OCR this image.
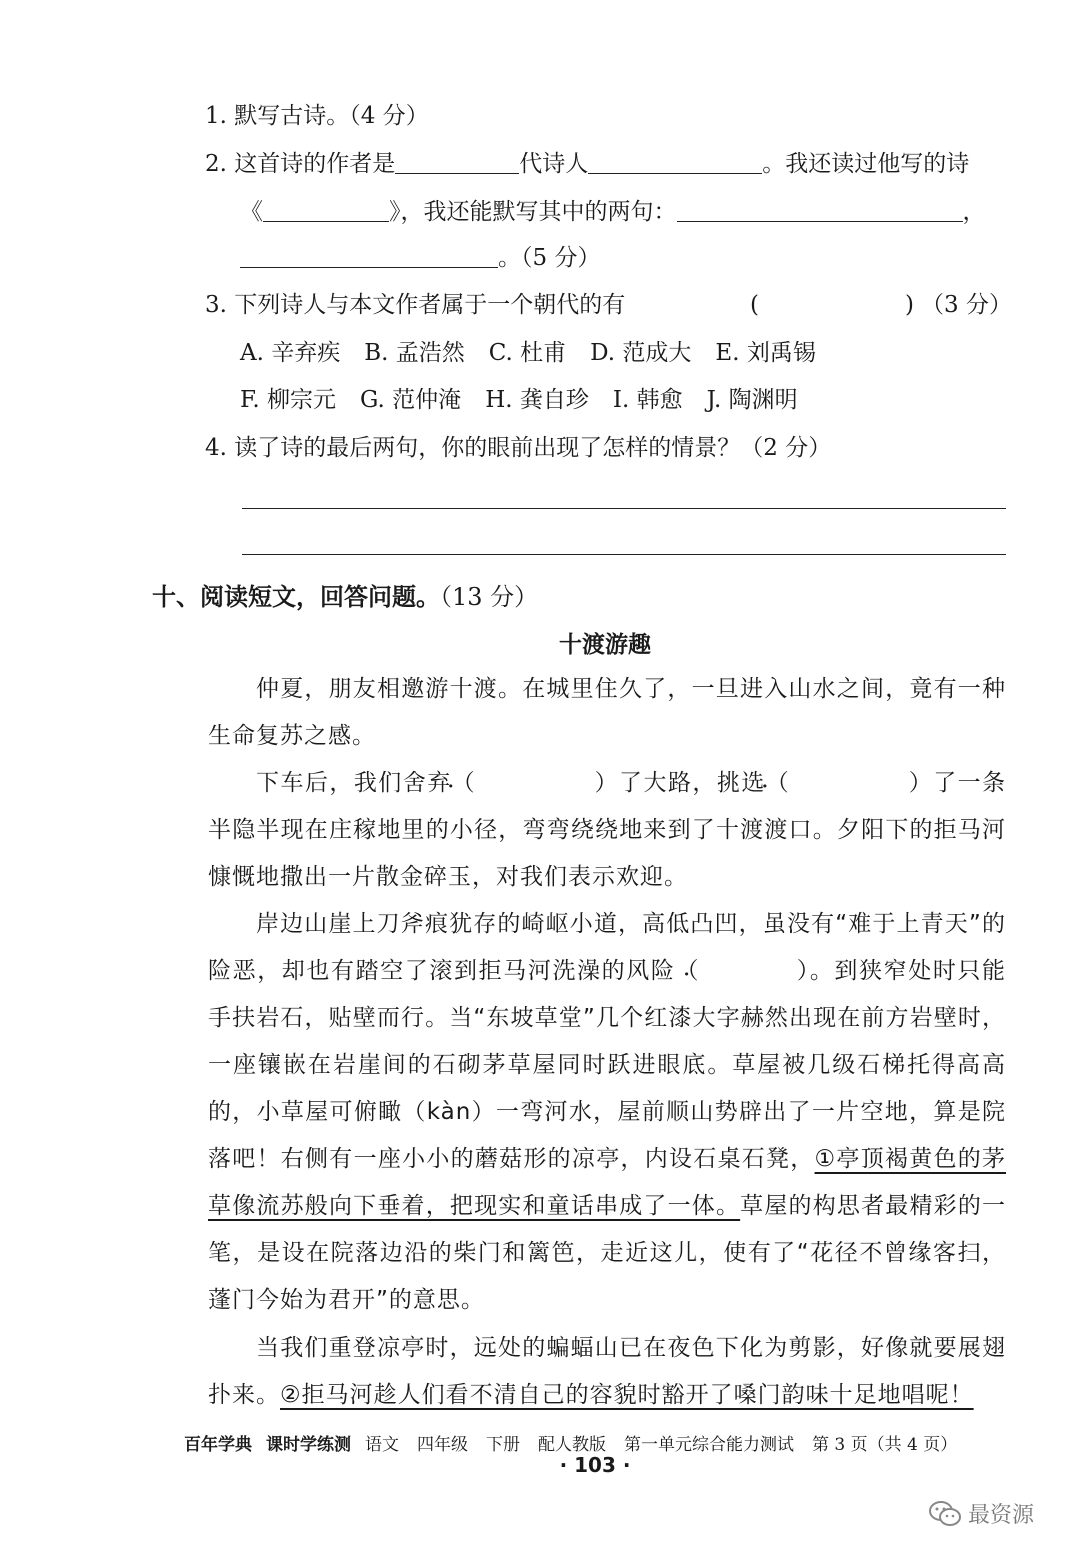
1. 默写古诗。（4 分）
2. 这首诗的作者是	代诗人	。我还读过他写的诗
《	》，我还能默写其中的两句：	，
。（5 分）
3. 下列诗人与本文作者属于一个朝代的有	(	) （3 分）
A. 辛弃疾 B. 孟浩然 C. 杜甫 D. 范成大 E. 刘禹锡
F. 柳宗元 G. 范仲淹 H. 龚自珍 I. 韩愈 J. 陶渊明
4. 读了诗的最后两句，你的眼前出现了怎样的情景？（2 分）
十、阅读短文，回答问题。（13 分）
十渡游趣
仲夏，朋友相邀游十渡。在城里住久了，一旦进入山水之间，竟有一种生命复苏之感。
下车后，我们舍弃 •（	）了大路，挑选 •（	）了一条半隐半现在庄稼地里的小径，弯弯绕绕地来到了十渡渡口。夕阳下的拒马河慷慨地撒出一片散金碎玉，对我们表示欢迎。
岸边山崖上刀斧痕犹存的崎岖小道，高低凸凹，虽没有“难于上青天”的险恶，却也有踏空了滚到拒马河洗澡的风险 •（	）。到狭窄处时只能手扶岩石，贴壁而行。当“东坡草堂”几个红漆大字赫然出现在前方岩壁时，一座镶嵌在岩崖间的石砌茅草屋同时跃进眼底。草屋被几级石梯托得高高的，小草屋可俯瞰（kàn）一弯河水，屋前顺山势辟出了一片空地，算是院落吧！右侧有一座小小的蘑菇形的凉亭，内设石桌石凳，①亭顶褐黄色的茅草像流苏般向下垂着，把现实和童话串成了一体。草屋的构思者最精彩的一笔，是设在院落边沿的柴门和篱笆，走近这儿，使有了“花径不曾缘客扫，蓬门今始为君开”的意思。
当我们重登凉亭时，远处的蝙蝠山已在夜色下化为剪影，好像就要展翅扑来。②拒马河趁人们看不清自己的容貌时豁开了嗓门韵味十足地唱呢！
百年学典 课时学练测 语文 四年级 下册 配人教版 第一单元综合能力测试 第 3 页（共 4 页）
· 103 ·
最资源
